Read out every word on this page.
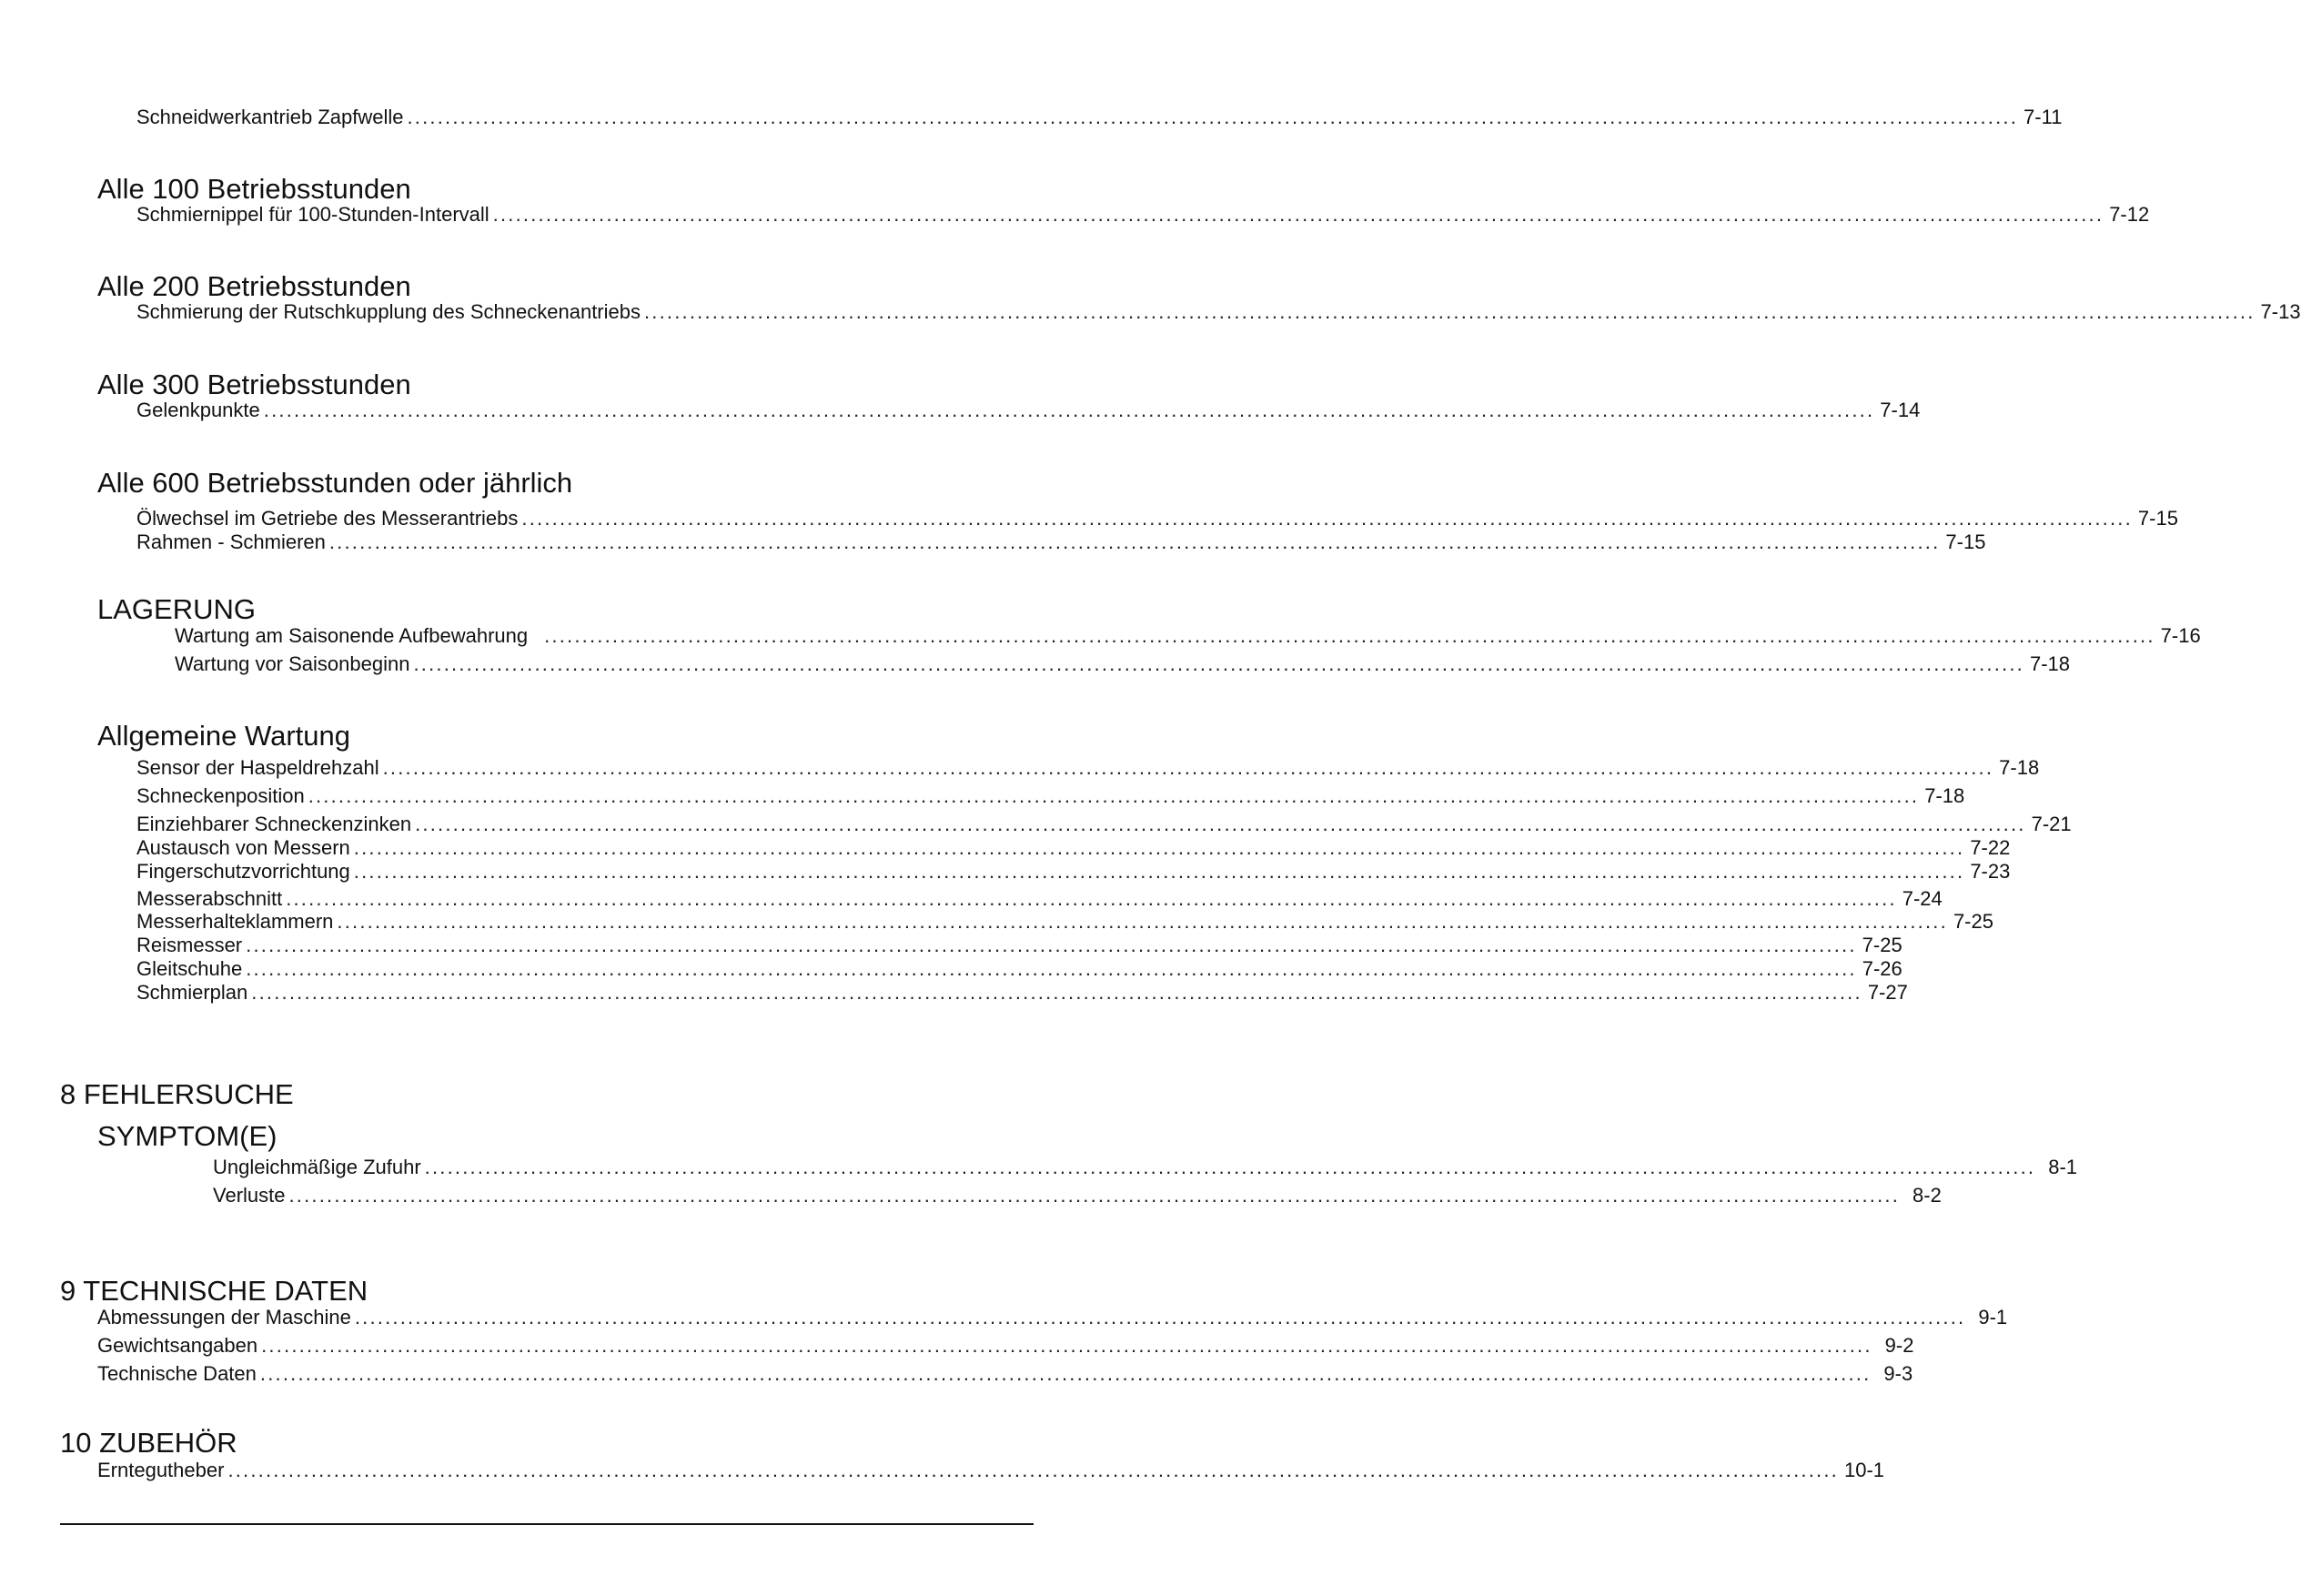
Schneidwerkantrieb Zapfwelle ..................................................................................................................................................................................................................... 7-11
Alle 100 Betriebsstunden
Schmiernippel für 100-Stunden-Intervall ..................................................................................................................................................................................................................... 7-12
Alle 200 Betriebsstunden
Schmierung der Rutschkupplung des Schneckenantriebs ..................................................................................................................................................................................................................... 7-13
Alle 300 Betriebsstunden
Gelenkpunkte ..................................................................................................................................................................................................................... 7-14
Alle 600 Betriebsstunden oder jährlich
Ölwechsel im Getriebe des Messerantriebs ..................................................................................................................................................................................................................... 7-15
Rahmen - Schmieren ..................................................................................................................................................................................................................... 7-15
LAGERUNG
Wartung am Saisonende Aufbewahrung ..................................................................................................................................................................................................................... 7-16
Wartung vor Saisonbeginn ..................................................................................................................................................................................................................... 7-18
Allgemeine Wartung
Sensor der Haspeldrehzahl ..................................................................................................................................................................................................................... 7-18
Schneckenposition ..................................................................................................................................................................................................................... 7-18
Einziehbarer Schneckenzinken ..................................................................................................................................................................................................................... 7-21
Austausch von Messern ..................................................................................................................................................................................................................... 7-22
Fingerschutzvorrichtung ..................................................................................................................................................................................................................... 7-23
Messerabschnitt ..................................................................................................................................................................................................................... 7-24
Messerhalteklammern ..................................................................................................................................................................................................................... 7-25
Reismesser ..................................................................................................................................................................................................................... 7-25
Gleitschuhe ..................................................................................................................................................................................................................... 7-26
Schmierplan ..................................................................................................................................................................................................................... 7-27
8 FEHLERSUCHE
SYMPTOM(E)
Ungleichmäßige Zufuhr ..................................................................................................................................................................................................................... 8-1
Verluste ..................................................................................................................................................................................................................... 8-2
9 TECHNISCHE DATEN
Abmessungen der Maschine ..................................................................................................................................................................................................................... 9-1
Gewichtsangaben ..................................................................................................................................................................................................................... 9-2
Technische Daten ..................................................................................................................................................................................................................... 9-3
10 ZUBEHÖR
Erntegutheber ..................................................................................................................................................................................................................... 10-1
